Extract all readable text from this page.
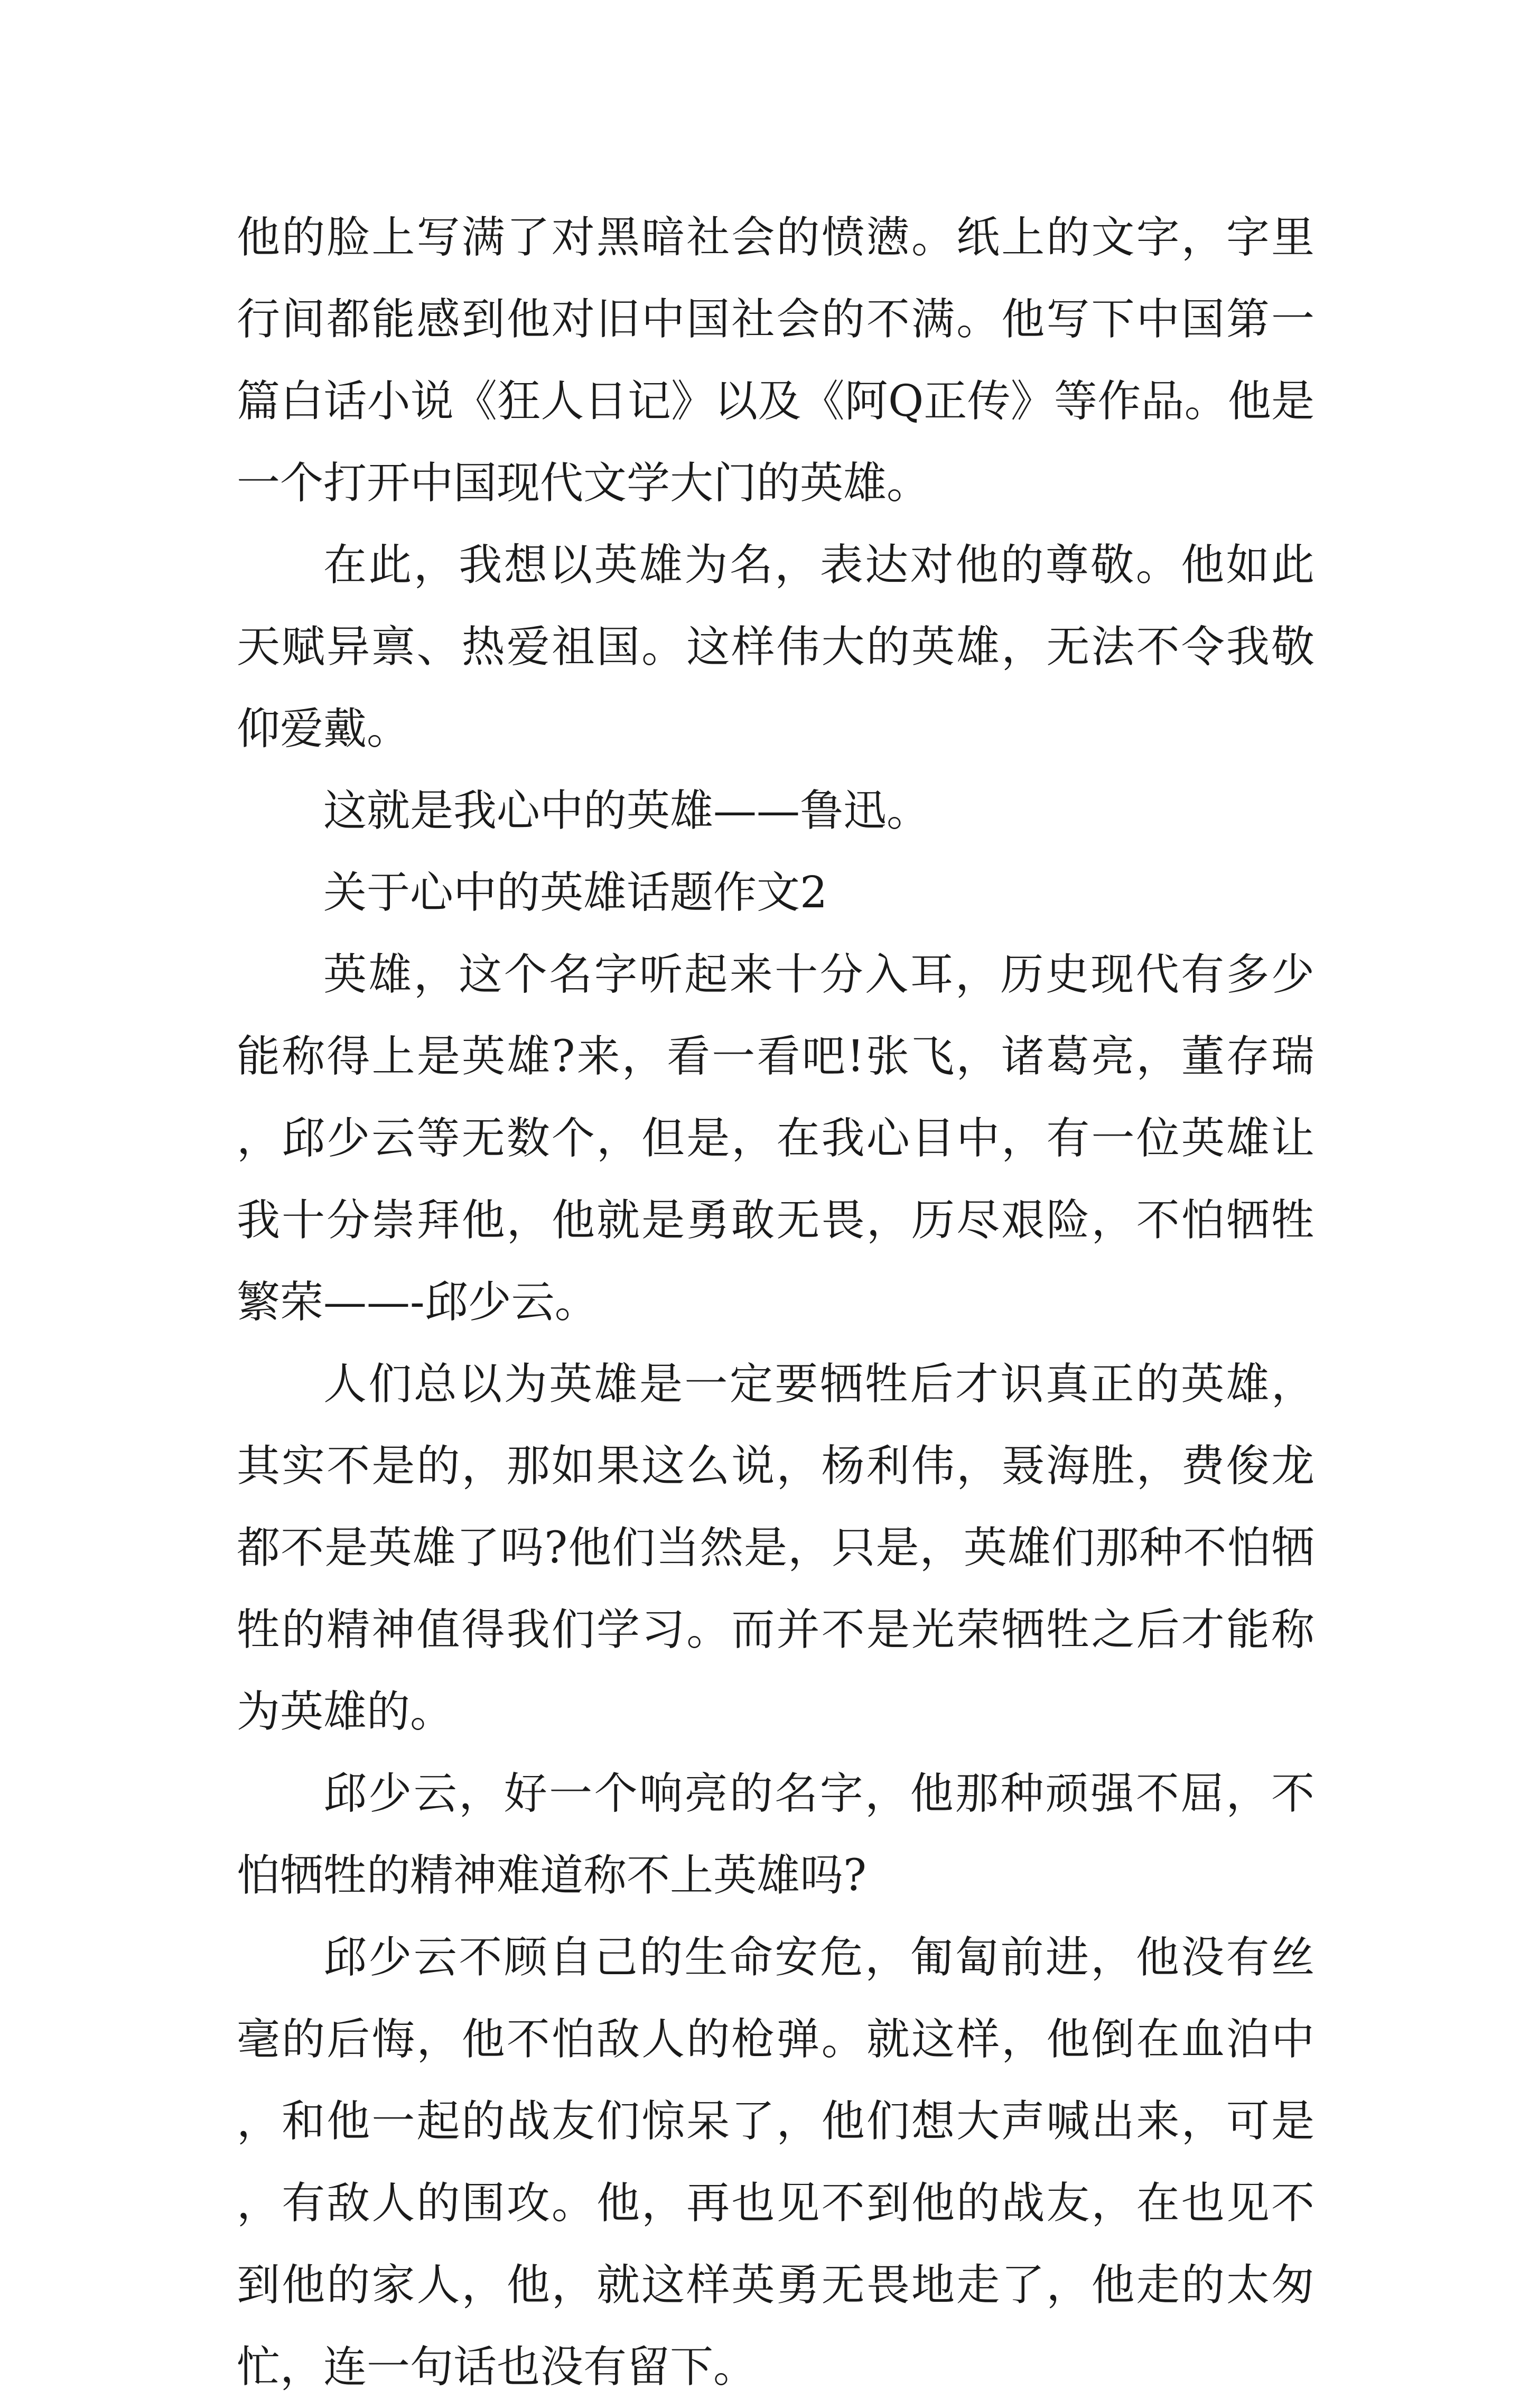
他的脸上写满了对黑暗社会的愤懑。纸上的文字，字里行间都能感到他对旧中国社会的不满。他写下中国第一篇白话小说《狂人日记》以及《阿Q正传》等作品。他是一个打开中国现代文学大门的英雄。

在此，我想以英雄为名，表达对他的尊敬。他如此天赋异禀、热爱祖国。这样伟大的英雄，无法不令我敬仰爱戴。

这就是我心中的英雄——鲁迅。

关于心中的英雄话题作文2

英雄，这个名字听起来十分入耳，历史现代有多少能称得上是英雄?来，看一看吧!张飞，诸葛亮，董存瑞，邱少云等无数个，但是，在我心目中，有一位英雄让我十分崇拜他，他就是勇敢无畏，历尽艰险，不怕牺牲繁荣——-邱少云。

人们总以为英雄是一定要牺牲后才识真正的英雄，其实不是的，那如果这么说，杨利伟，聂海胜，费俊龙都不是英雄了吗?他们当然是，只是，英雄们那种不怕牺牲的精神值得我们学习。而并不是光荣牺牲之后才能称为英雄的。

邱少云，好一个响亮的名字，他那种顽强不屈，不怕牺牲的精神难道称不上英雄吗?

邱少云不顾自己的生命安危，匍匐前进，他没有丝毫的后悔，他不怕敌人的枪弹。就这样，他倒在血泊中，和他一起的战友们惊呆了，他们想大声喊出来，可是，有敌人的围攻。他，再也见不到他的战友，在也见不到他的家人，他，就这样英勇无畏地走了，他走的太匆忙，连一句话也没有留下。
